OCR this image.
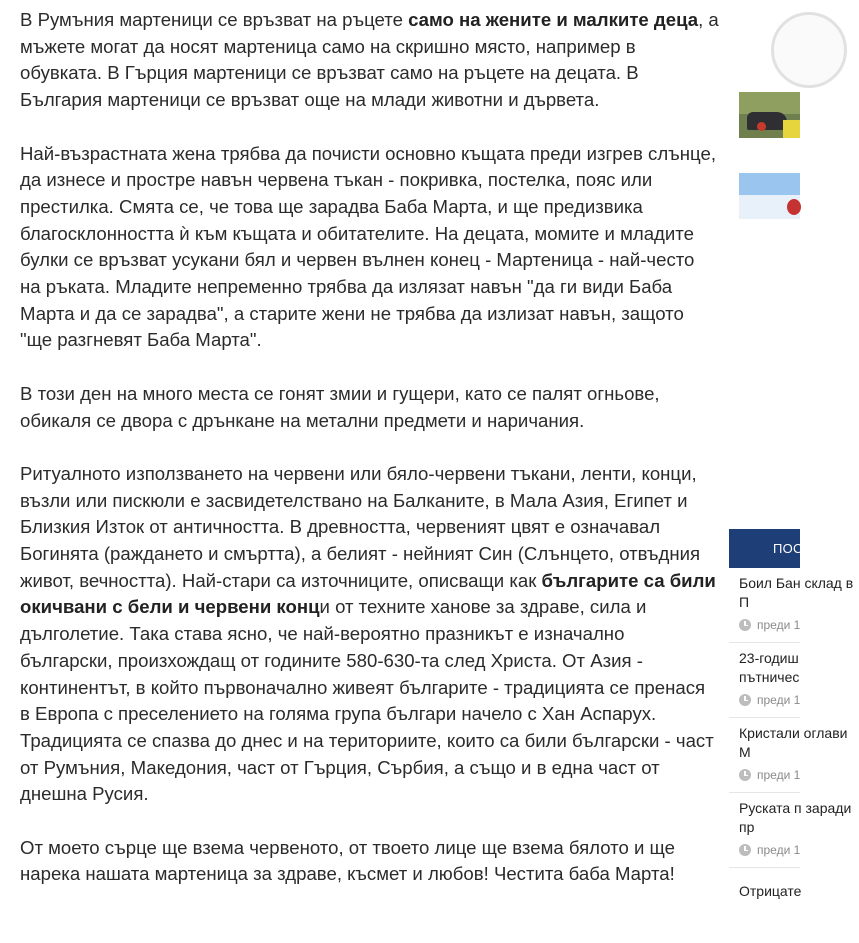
В Румъния мартеници се връзват на ръцете само на жените и малките деца, а мъжете могат да носят мартеница само на скришно място, например в обувката. В Гърция мартеници се връзват само на ръцете на децата. В България мартеници се връзват още на млади животни и дървета.

Най-възрастната жена трябва да почисти основно къщата преди изгрев слънце, да изнесе и простре навън червена тъкан - покривка, постелка, пояс или престилка. Смята се, че това ще зарадва Баба Марта, и ще предизвика благосклонността ѝ към къщата и обитателите. На децата, момите и младите булки се връзват усукани бял и червен вълнен конец - Мартеница - най-често на ръката. Младите непременно трябва да излязат навън "да ги види Баба Марта и да се зарадва", а старите жени не трябва да излизат навън, защото "ще разгневят Баба Марта".

В този ден на много места се гонят змии и гущери, като се палят огньове, обикаля се двора с дрънкане на метални предмети и наричания.

Ритуалното използването на червени или бяло-червени тъкани, ленти, конци, възли или пискюли е засвидетелствано на Балканите, в Мала Азия, Египет и Близкия Изток от античността. В древността, червеният цвят е означавал Богинята (раждането и смъртта), а белият - нейният Син (Слънцето, отвъдния живот, вечността). Най-стари са източниците, описващи как българите са били окичвани с бели и червени конци от техните ханове за здраве, сила и дълголетие. Така става ясно, че най-вероятно празникът е изначално български, произхождащ от годините 580-630-та след Христа. От Азия - континентът, в който първоначално живеят българите - традицията се пренася в Европа с преселението на голяма група българи начело с Хан Аспарух. Традицията се спазва до днес и на териториите, които са били български - част от Румъния, Македония, част от Гърция, Сърбия, а също и в една част от днешна Русия.

От моето сърце ще взема червеното, от твоето лице ще взема бялото и ще нарека нашата мартеница за здраве, късмет и любов! Честита баба Марта!

ПОС
Боил Бан склад в П
преди 1
23-годиш пътничес
преди 1
Кристали оглави М
преди 1
Руската п заради пр
преди 1
Отрицате
